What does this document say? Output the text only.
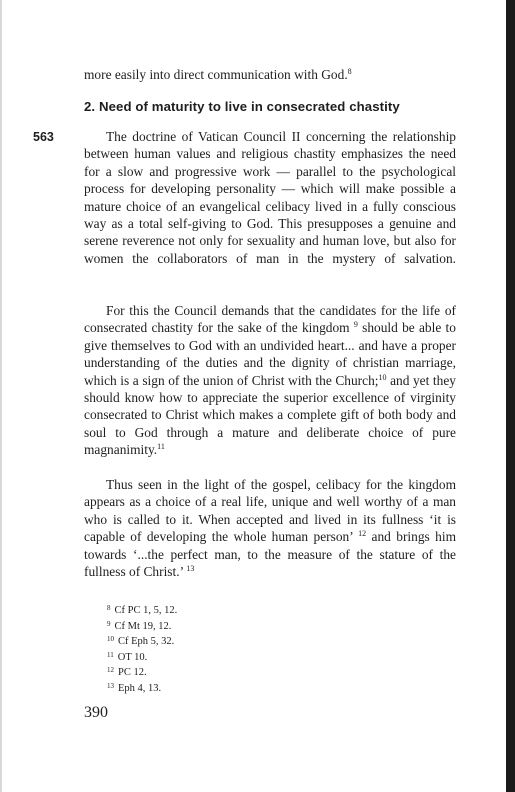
more easily into direct communication with God.$^8$

2. Need of maturity to live in consecrated chastity
563	The doctrine of Vatican Council II concerning the relationship between human values and religious chastity emphasizes the need for a slow and progressive work — parallel to the psychological process for developing personality — which will make possible a mature choice of an evangelical celibacy lived in a fully conscious way as a total self-giving to God. This presupposes a genuine and serene reverence not only for sexuality and human love, but also for women the collaborators of man in the mystery of salvation.

For this the Council demands that the candidates for the life of consecrated chastity for the sake of the kingdom $^9$ should be able to give themselves to God with an undivided heart... and have a proper understanding of the duties and the dignity of christian marriage, which is a sign of the union of Christ with the Church;$^{10}$ and yet they should know how to appreciate the superior excellence of virginity consecrated to Christ which makes a complete gift of both body and soul to God through a mature and deliberate choice of pure magnanimity.$^{11}$

Thus seen in the light of the gospel, celibacy for the kingdom appears as a choice of a real life, unique and well worthy of a man who is called to it. When accepted and lived in its fullness ‘it is capable of developing the whole human person’ $^{12}$ and brings him towards ‘...the perfect man, to the measure of the stature of the fullness of Christ.’ $^{13}$

$^8$ Cf PC 1, 5, 12.
$^9$ Cf Mt 19, 12.
$^{10}$ Cf Eph 5, 32.
$^{11}$ OT 10.
$^{12}$ PC 12.
$^{13}$ Eph 4, 13.
390
